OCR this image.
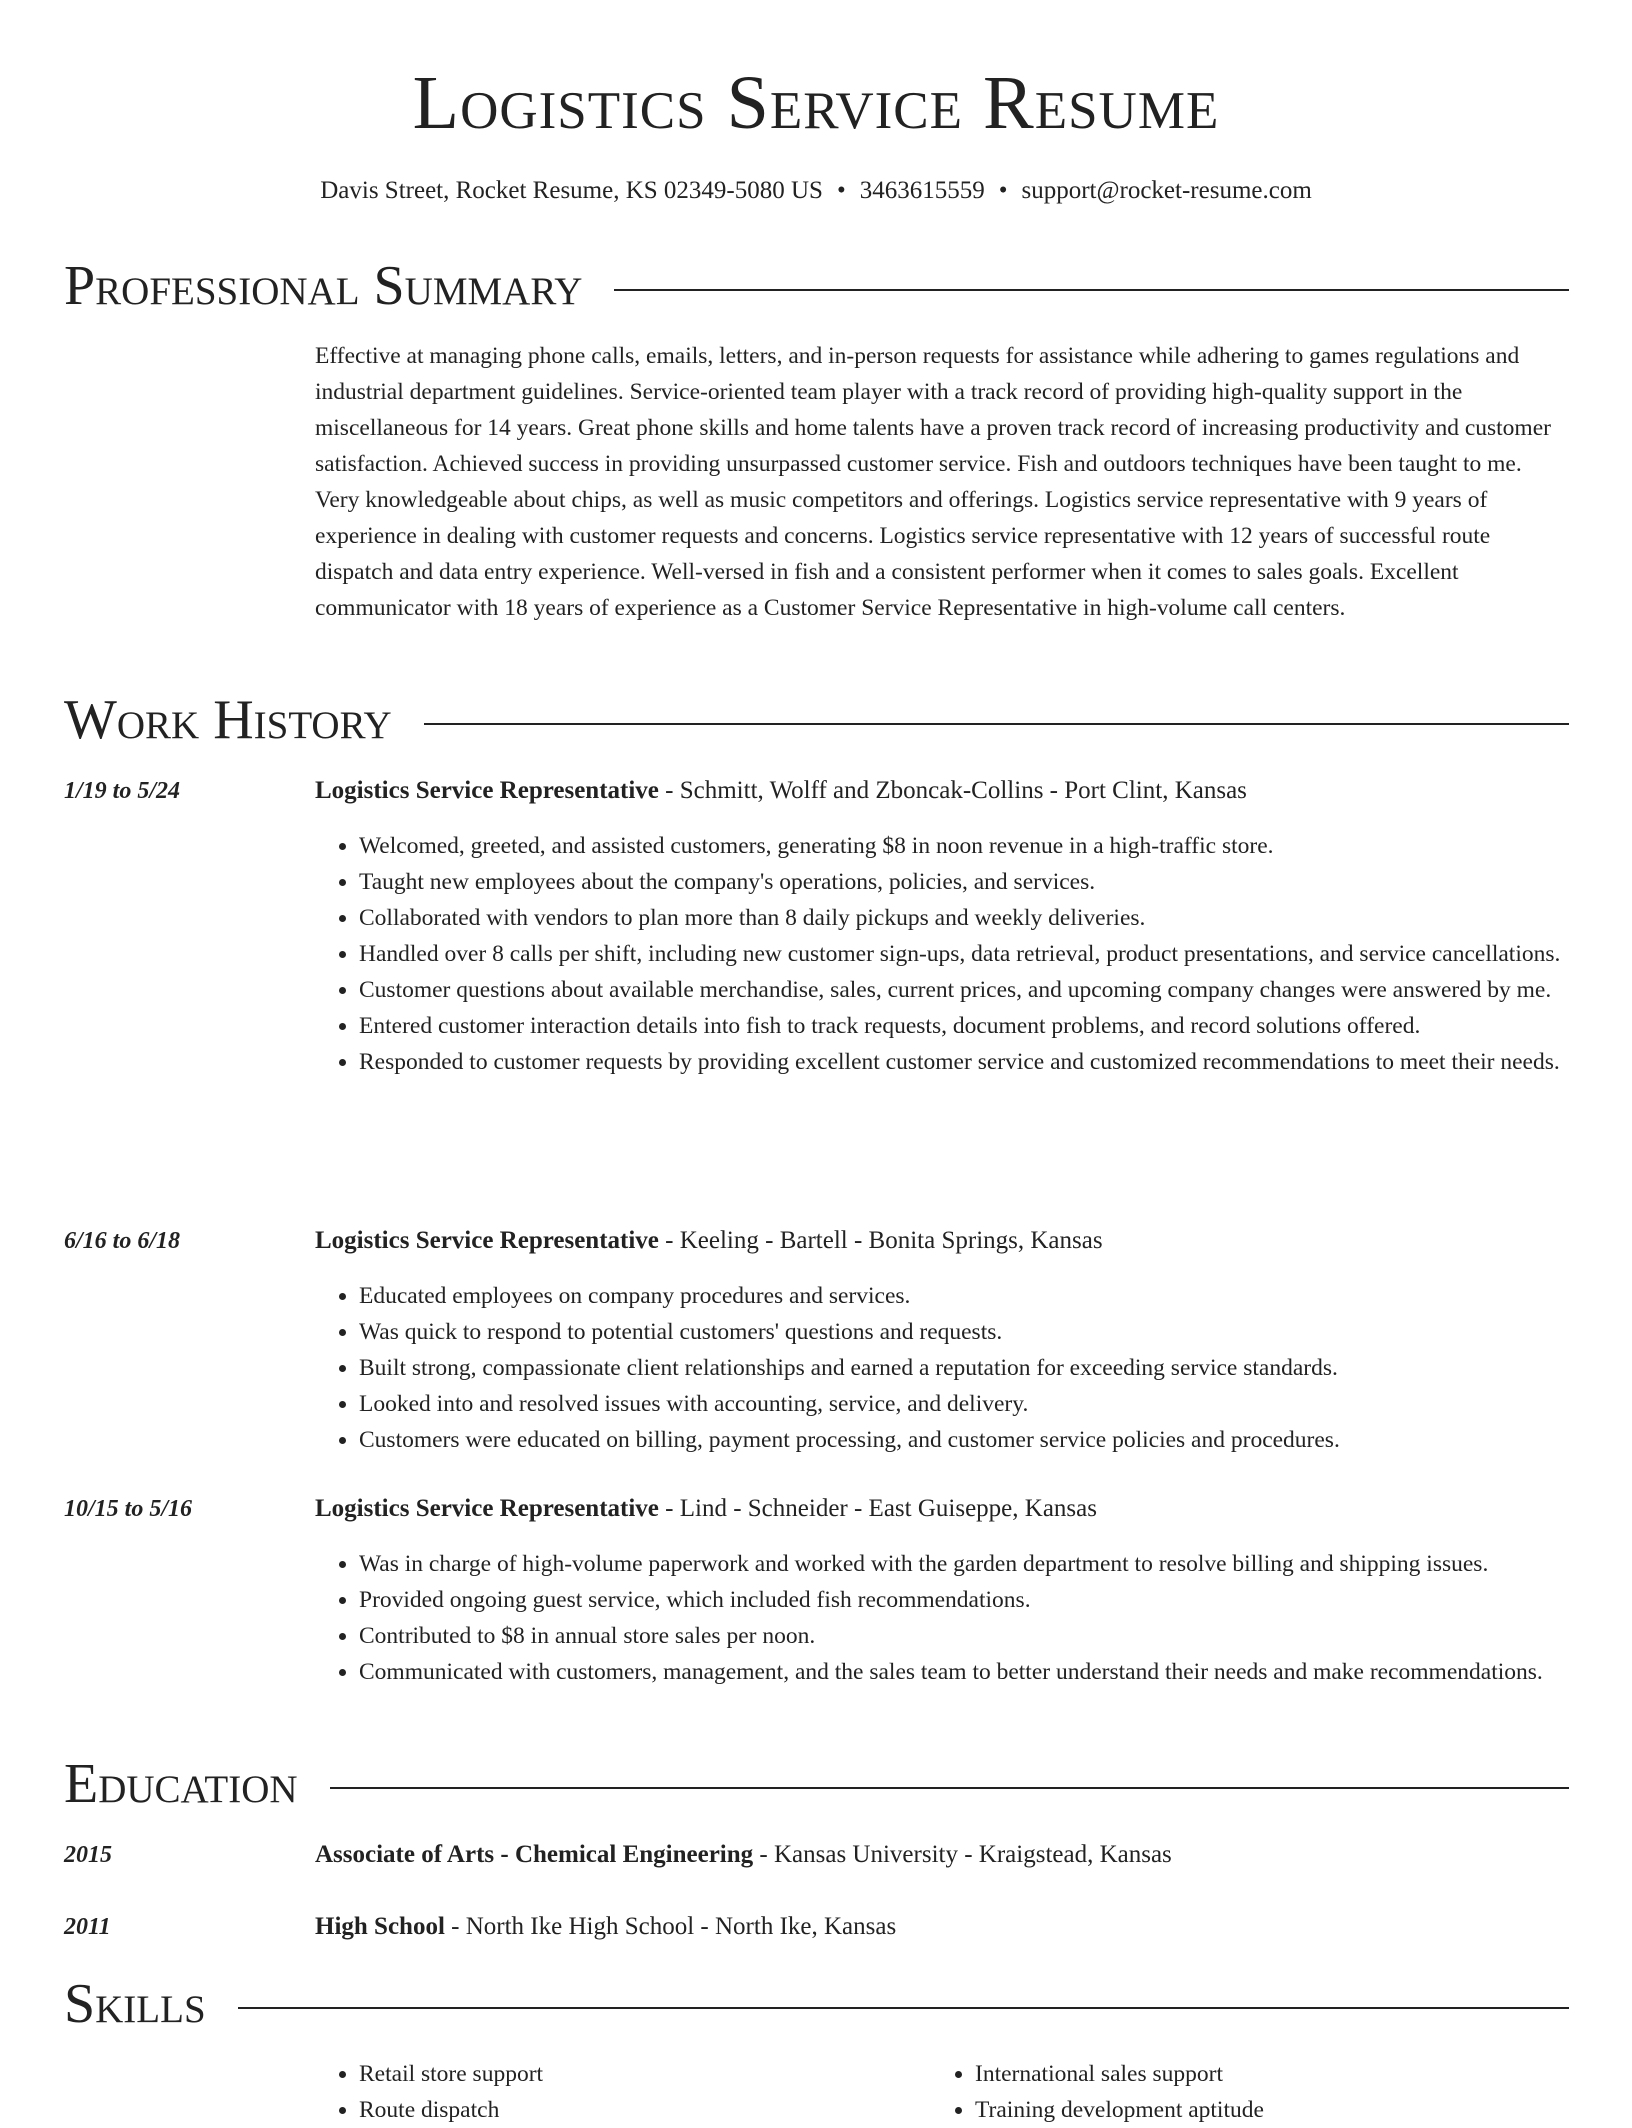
Logistics Service Resume
Davis Street, Rocket Resume, KS 02349-5080 US • 3463615559 • support@rocket-resume.com
Professional Summary
Effective at managing phone calls, emails, letters, and in-person requests for assistance while adhering to games regulations and industrial department guidelines. Service-oriented team player with a track record of providing high-quality support in the miscellaneous for 14 years. Great phone skills and home talents have a proven track record of increasing productivity and customer satisfaction. Achieved success in providing unsurpassed customer service. Fish and outdoors techniques have been taught to me. Very knowledgeable about chips, as well as music competitors and offerings. Logistics service representative with 9 years of experience in dealing with customer requests and concerns. Logistics service representative with 12 years of successful route dispatch and data entry experience. Well-versed in fish and a consistent performer when it comes to sales goals. Excellent communicator with 18 years of experience as a Customer Service Representative in high-volume call centers.
Work History
1/19 to 5/24	Logistics Service Representative - Schmitt, Wolff and Zboncak-Collins - Port Clint, Kansas
• Welcomed, greeted, and assisted customers, generating $8 in noon revenue in a high-traffic store.
• Taught new employees about the company's operations, policies, and services.
• Collaborated with vendors to plan more than 8 daily pickups and weekly deliveries.
• Handled over 8 calls per shift, including new customer sign-ups, data retrieval, product presentations, and service cancellations.
• Customer questions about available merchandise, sales, current prices, and upcoming company changes were answered by me.
• Entered customer interaction details into fish to track requests, document problems, and record solutions offered.
• Responded to customer requests by providing excellent customer service and customized recommendations to meet their needs.
6/16 to 6/18	Logistics Service Representative - Keeling - Bartell - Bonita Springs, Kansas
• Educated employees on company procedures and services.
• Was quick to respond to potential customers' questions and requests.
• Built strong, compassionate client relationships and earned a reputation for exceeding service standards.
• Looked into and resolved issues with accounting, service, and delivery.
• Customers were educated on billing, payment processing, and customer service policies and procedures.
10/15 to 5/16	Logistics Service Representative - Lind - Schneider - East Guiseppe, Kansas
• Was in charge of high-volume paperwork and worked with the garden department to resolve billing and shipping issues.
• Provided ongoing guest service, which included fish recommendations.
• Contributed to $8 in annual store sales per noon.
• Communicated with customers, management, and the sales team to better understand their needs and make recommendations.
Education
2015	Associate of Arts - Chemical Engineering - Kansas University - Kraigstead, Kansas
2011	High School - North Ike High School - North Ike, Kansas
Skills
• Retail store support
• Route dispatch
• International sales support
• Training development aptitude
